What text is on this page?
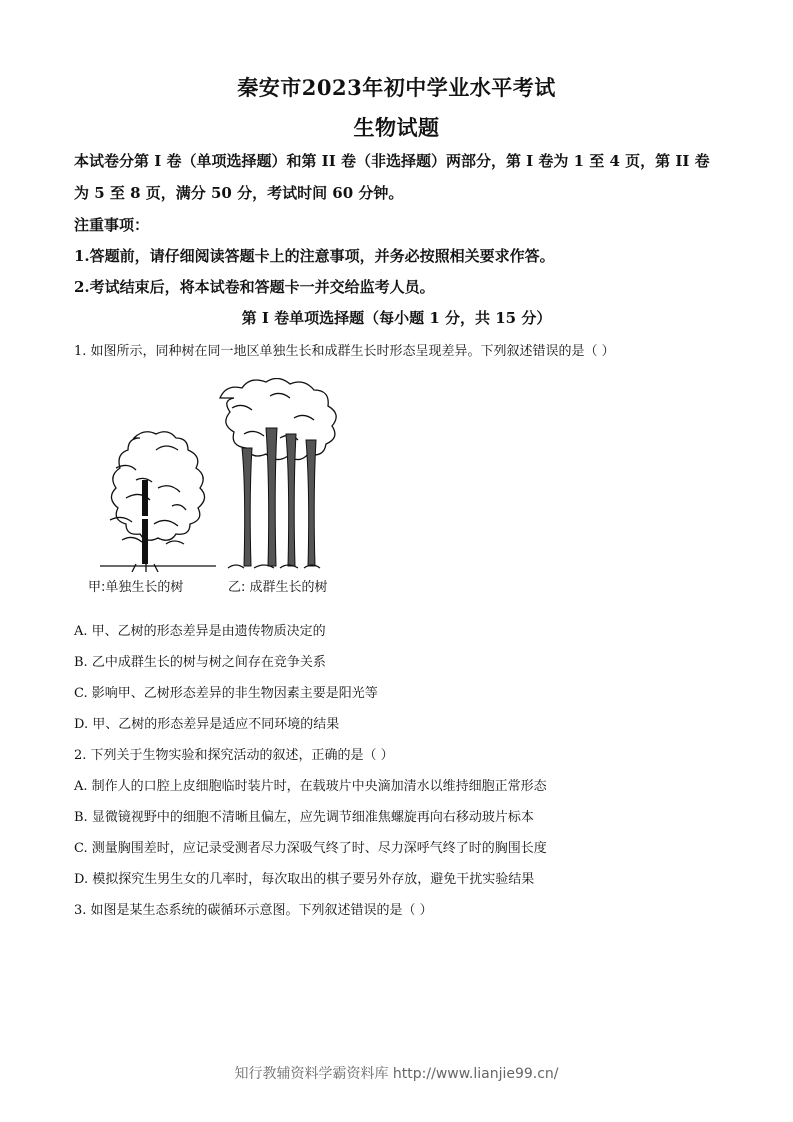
秦安市2023年初中学业水平考试
生物试题
本试卷分第 I 卷（单项选择题）和第 II 卷（非选择题）两部分，第 I 卷为 1 至 4 页，第 II 卷
为 5 至 8 页，满分 50 分，考试时间 60 分钟。
注重事项：
1.答题前，请仔细阅读答题卡上的注意事项，并务必按照相关要求作答。
2.考试结束后，将本试卷和答题卡一并交给监考人员。
第 I 卷单项选择题（每小题 1 分，共 15 分）
1. 如图所示，同种树在同一地区单独生长和成群生长时形态呈现差异。下列叙述错误的是（ ）
甲:单独生长的树	乙: 成群生长的树
A. 甲、乙树的形态差异是由遗传物质决定的
B. 乙中成群生长的树与树之间存在竞争关系
C. 影响甲、乙树形态差异的非生物因素主要是阳光等
D. 甲、乙树的形态差异是适应不同环境的结果
2. 下列关于生物实验和探究活动的叙述，正确的是（ ）
A. 制作人的口腔上皮细胞临时装片时，在载玻片中央滴加清水以维持细胞正常形态
B. 显微镜视野中的细胞不清晰且偏左，应先调节细准焦螺旋再向右移动玻片标本
C. 测量胸围差时，应记录受测者尽力深吸气终了时、尽力深呼气终了时的胸围长度
D. 模拟探究生男生女的几率时，每次取出的棋子要另外存放，避免干扰实验结果
3. 如图是某生态系统的碳循环示意图。下列叙述错误的是（ ）
知行教辅资料学霸资料库 http://www.lianjie99.cn/
